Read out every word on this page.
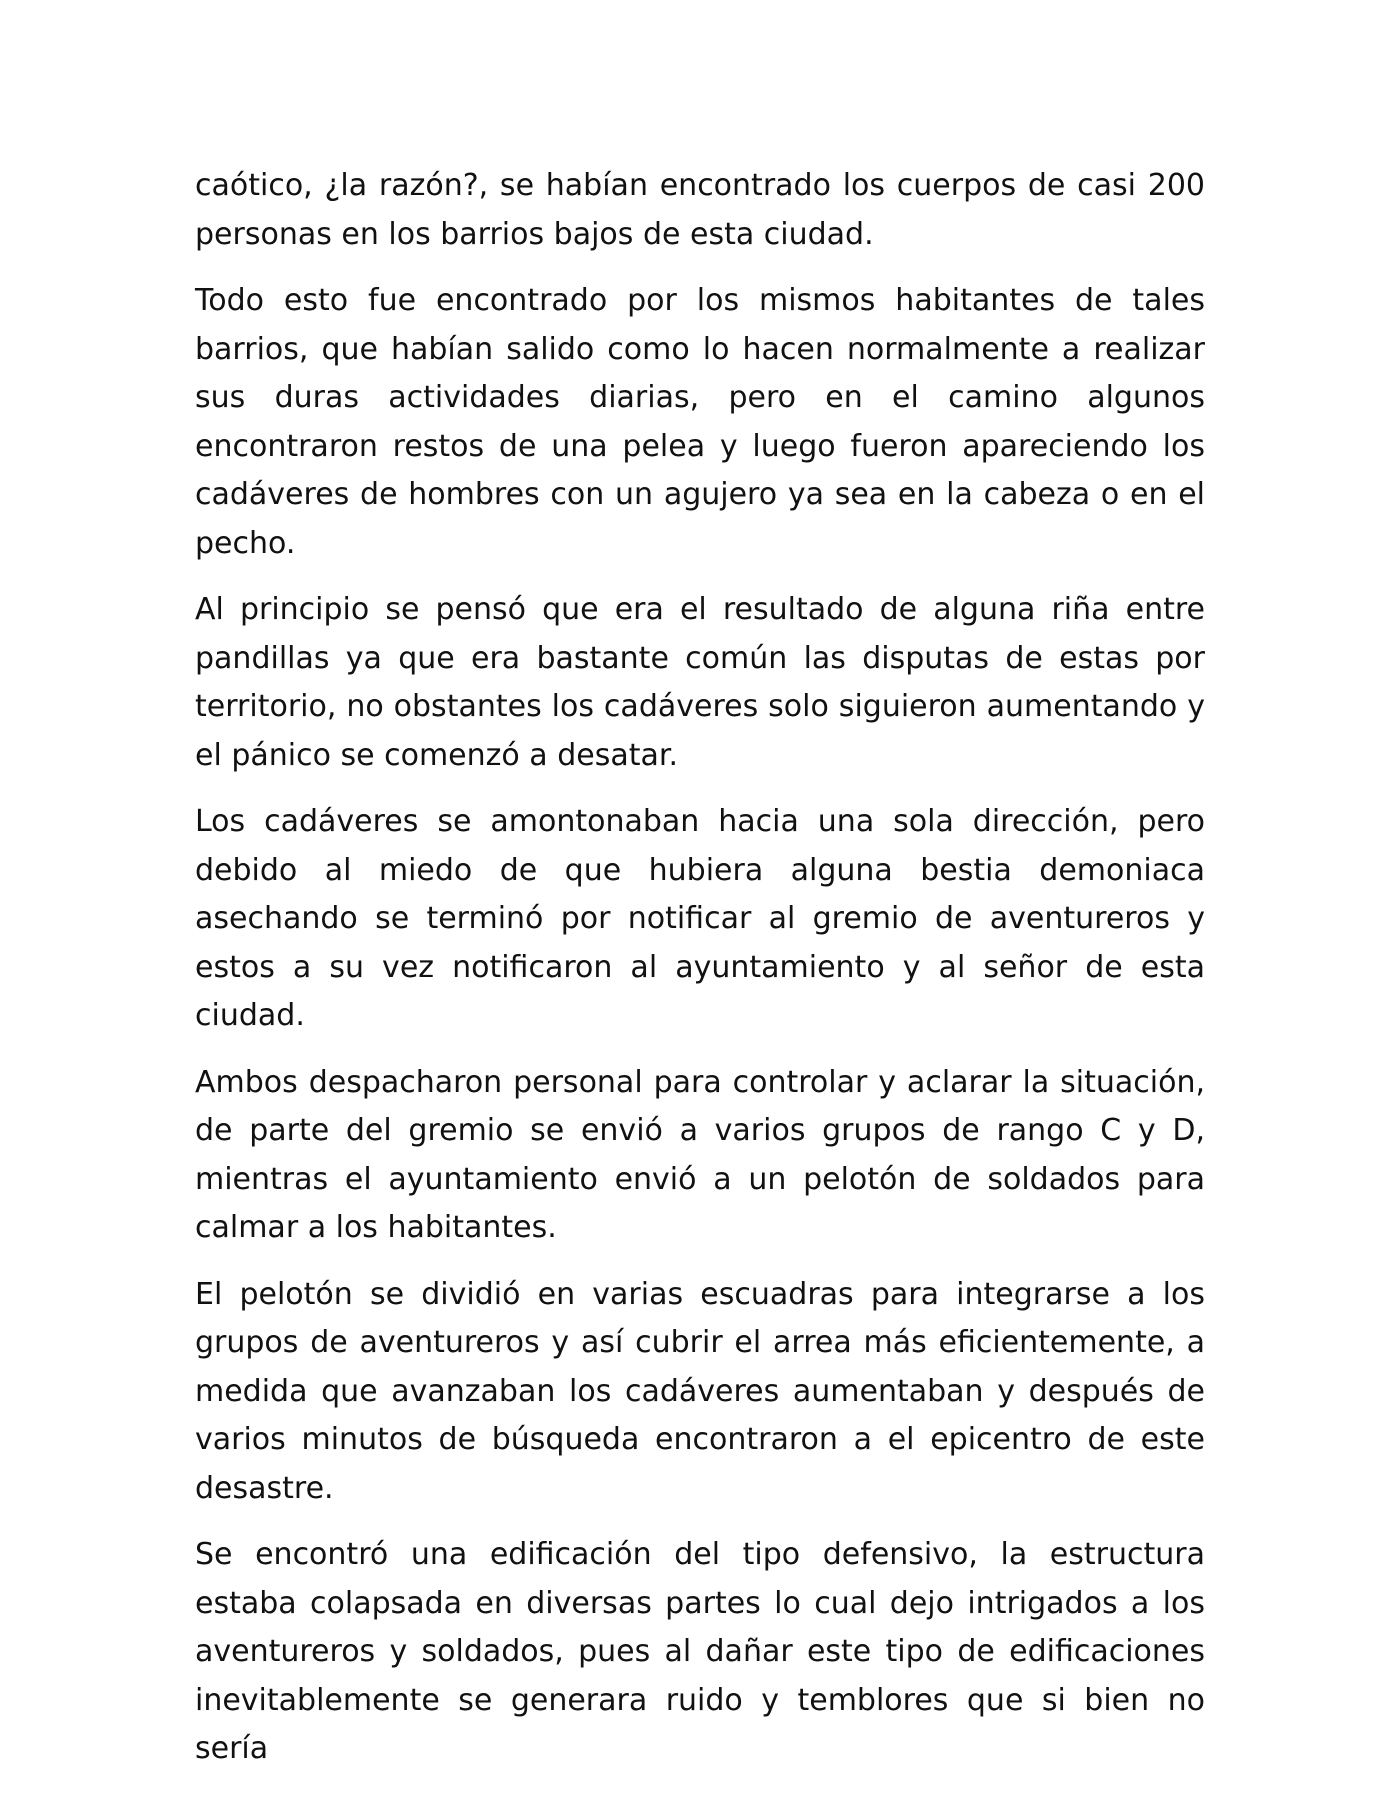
caótico, ¿la razón?, se habían encontrado los cuerpos de casi 200 personas en los barrios bajos de esta ciudad.

Todo esto fue encontrado por los mismos habitantes de tales barrios, que habían salido como lo hacen normalmente a realizar sus duras actividades diarias, pero en el camino algunos encontraron restos de una pelea y luego fueron apareciendo los cadáveres de hombres con un agujero ya sea en la cabeza o en el pecho.

Al principio se pensó que era el resultado de alguna riña entre pandillas ya que era bastante común las disputas de estas por territorio, no obstantes los cadáveres solo siguieron aumentando y el pánico se comenzó a desatar.

Los cadáveres se amontonaban hacia una sola dirección, pero debido al miedo de que hubiera alguna bestia demoniaca asechando se terminó por notificar al gremio de aventureros y estos a su vez notificaron al ayuntamiento y al señor de esta ciudad.

Ambos despacharon personal para controlar y aclarar la situación, de parte del gremio se envió a varios grupos de rango C y D, mientras el ayuntamiento envió a un pelotón de soldados para calmar a los habitantes.

El pelotón se dividió en varias escuadras para integrarse a los grupos de aventureros y así cubrir el arrea más eficientemente, a medida que avanzaban los cadáveres aumentaban y después de varios minutos de búsqueda encontraron a el epicentro de este desastre.

Se encontró una edificación del tipo defensivo, la estructura estaba colapsada en diversas partes lo cual dejo intrigados a los aventureros y soldados, pues al dañar este tipo de edificaciones inevitablemente se generara ruido y temblores que si bien no sería
